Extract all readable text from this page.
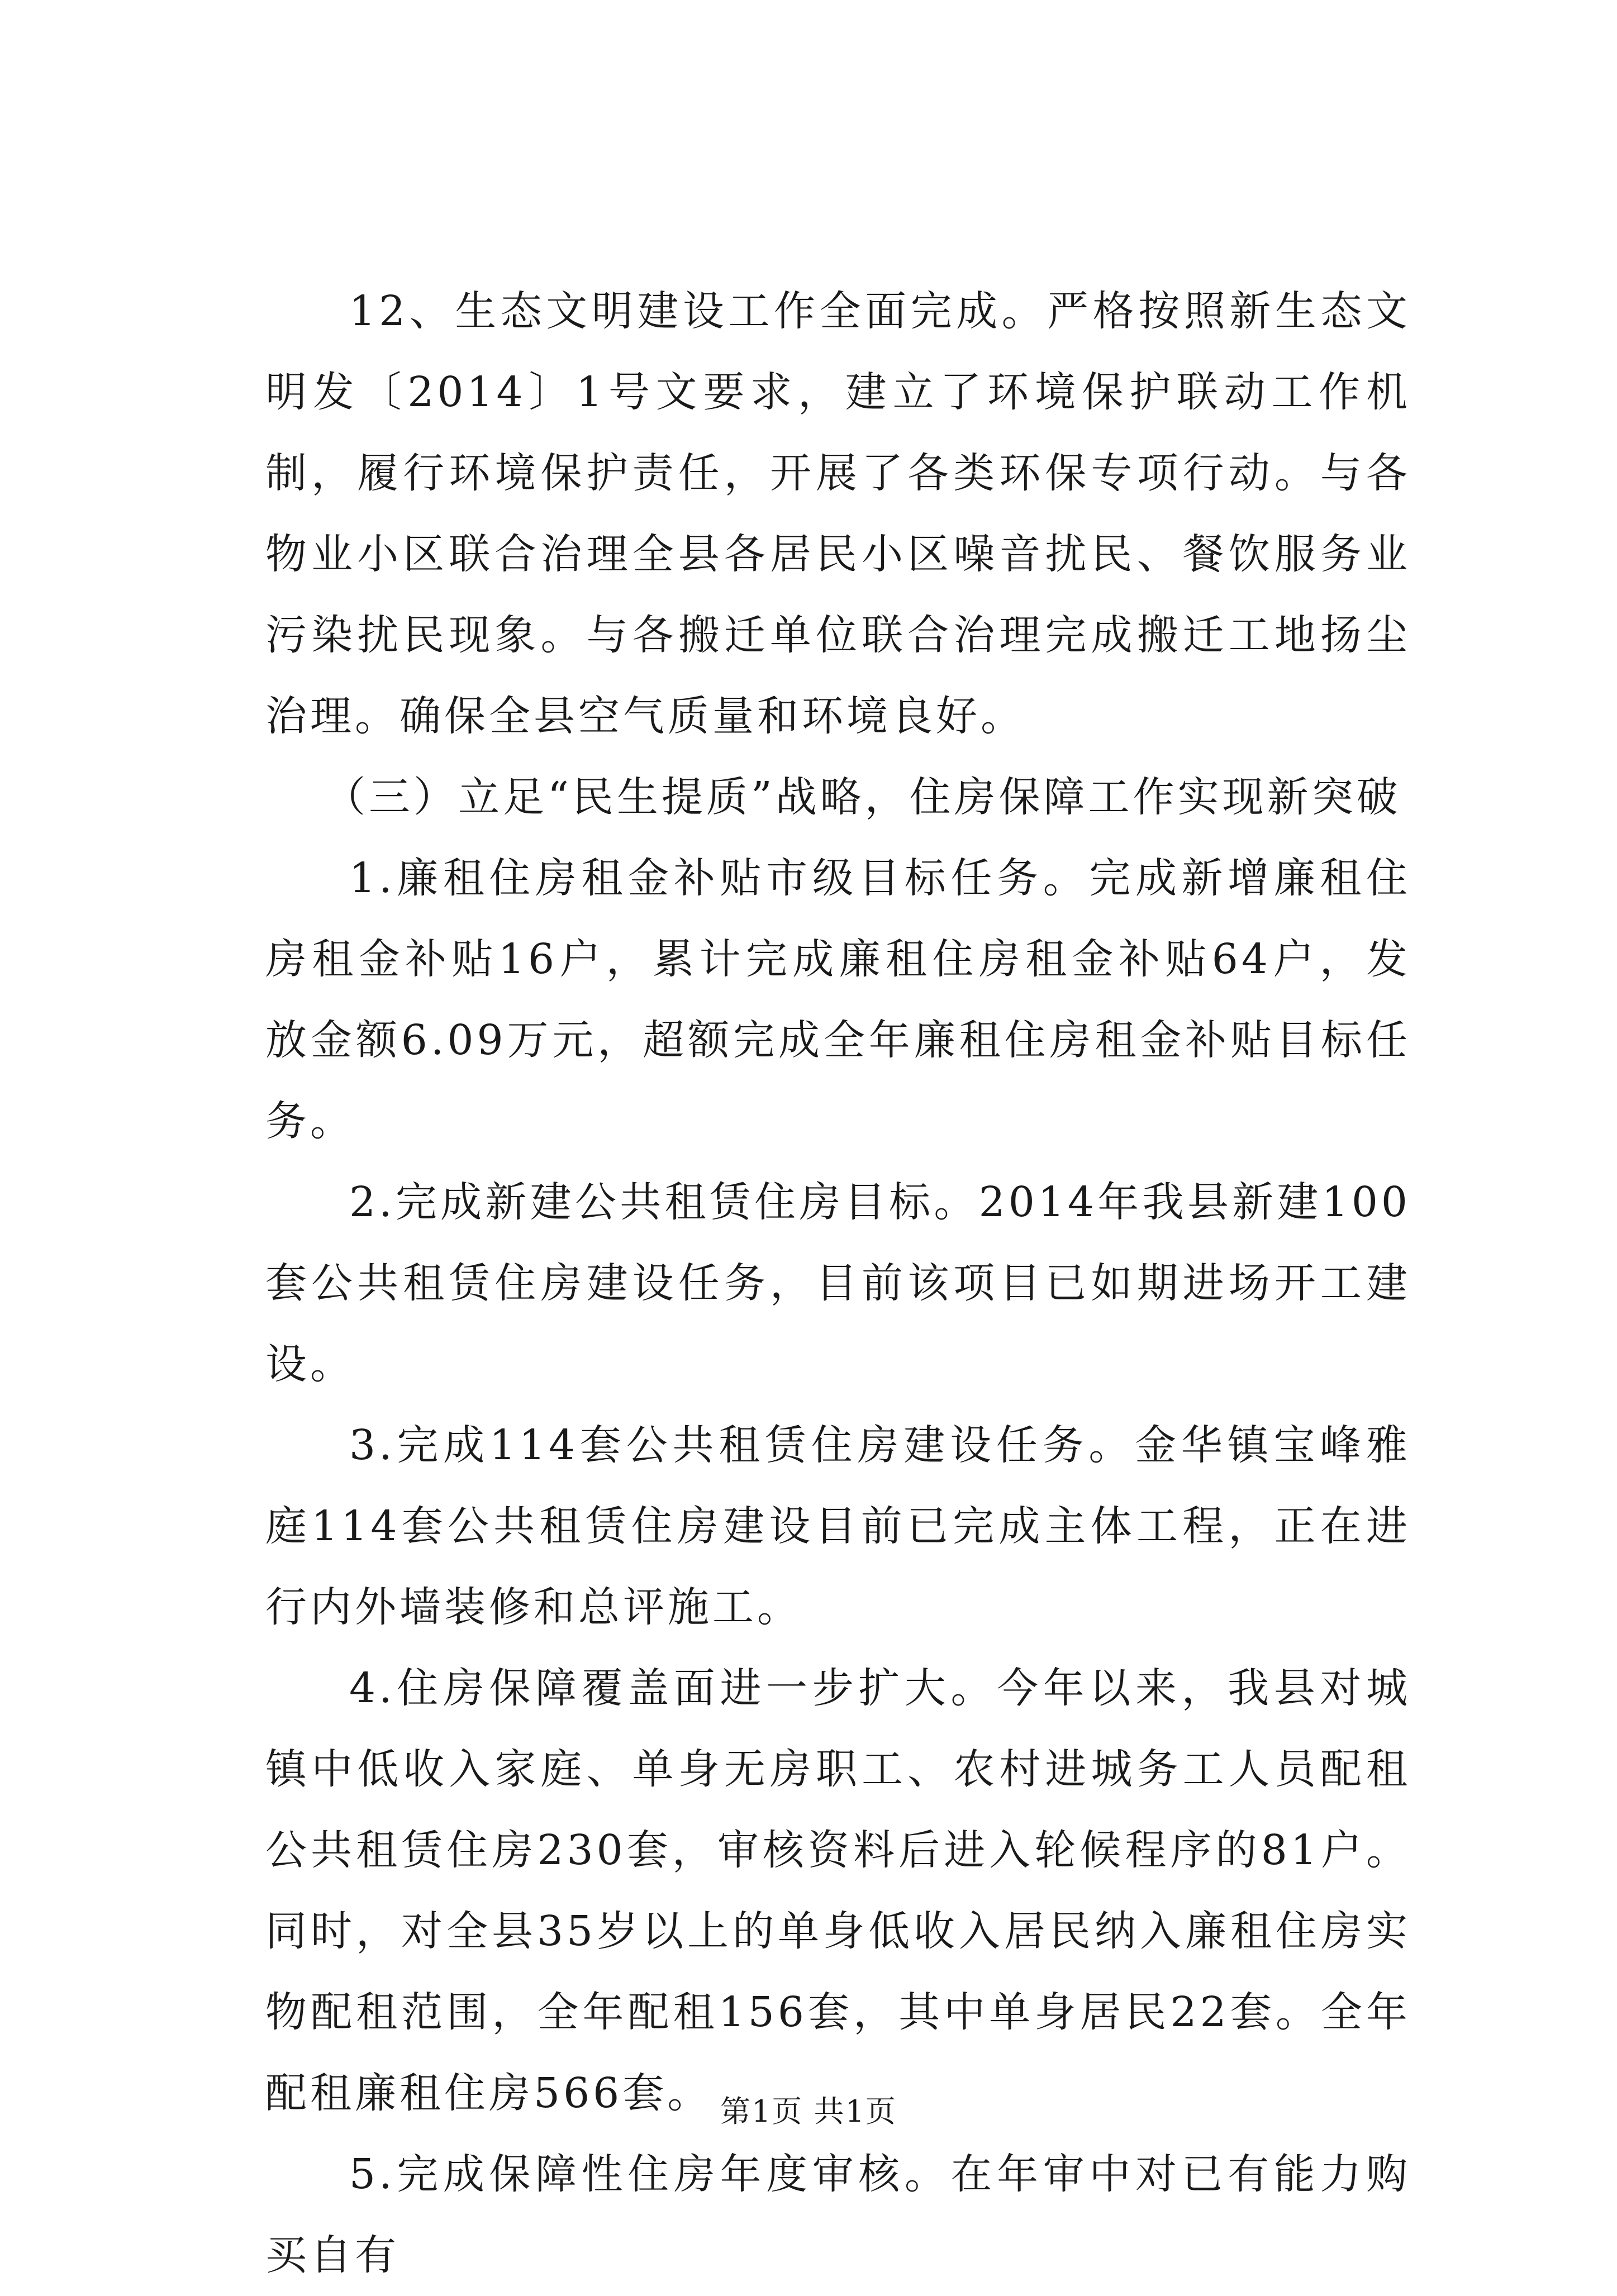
12、生态文明建设工作全面完成。严格按照新生态文明发〔2014〕1号文要求，建立了环境保护联动工作机制，履行环境保护责任，开展了各类环保专项行动。与各物业小区联合治理全县各居民小区噪音扰民、餐饮服务业污染扰民现象。与各搬迁单位联合治理完成搬迁工地扬尘治理。确保全县空气质量和环境良好。

（三）立足“民生提质”战略，住房保障工作实现新突破

1.廉租住房租金补贴市级目标任务。完成新增廉租住房租金补贴16户，累计完成廉租住房租金补贴64户，发放金额6.09万元，超额完成全年廉租住房租金补贴目标任务。

2.完成新建公共租赁住房目标。2014年我县新建100套公共租赁住房建设任务，目前该项目已如期进场开工建设。

3.完成114套公共租赁住房建设任务。金华镇宝峰雅庭114套公共租赁住房建设目前已完成主体工程，正在进行内外墙装修和总评施工。

4.住房保障覆盖面进一步扩大。今年以来，我县对城镇中低收入家庭、单身无房职工、农村进城务工人员配租公共租赁住房230套，审核资料后进入轮候程序的81户。同时，对全县35岁以上的单身低收入居民纳入廉租住房实物配租范围，全年配租156套，其中单身居民22套。全年配租廉租住房566套。

5.完成保障性住房年度审核。在年审中对已有能力购买自有

第1页 共1页
